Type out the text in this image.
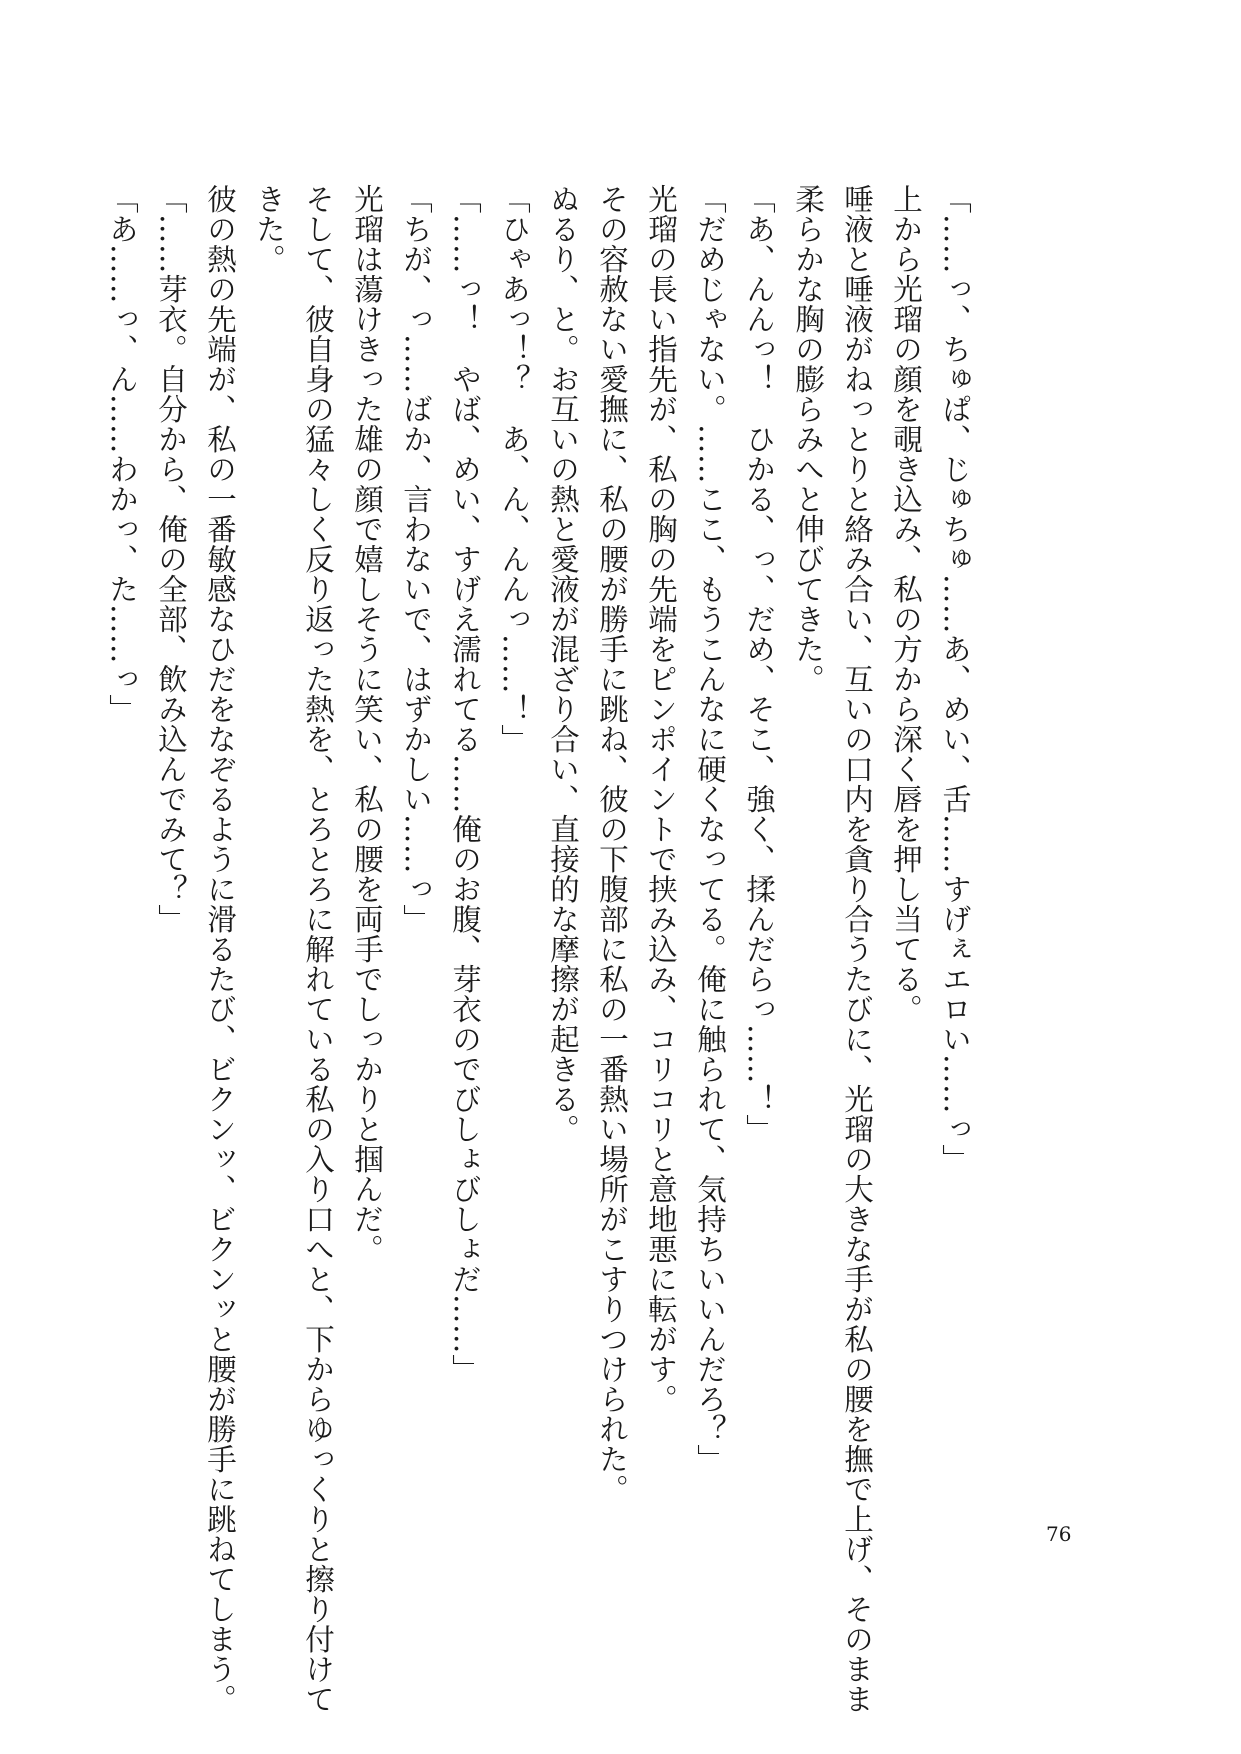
「……っ、ちゅぱ、じゅちゅ……あ、めい、舌……すげぇエロい……っ」

上から光瑠の顔を覗き込み、私の方から深く唇を押し当てる。

唾液と唾液がねっとりと絡み合い、互いの口内を貪り合うたびに、光瑠の大きな手が私の腰を撫で上げ、そのまま

柔らかな胸の膨らみへと伸びてきた。

「あ、んんっ！　ひかる、っ、だめ、そこ、強く、揉んだらっ……！」

「だめじゃない。……ここ、もうこんなに硬くなってる。俺に触られて、気持ちいいんだろ？」

光瑠の長い指先が、私の胸の先端をピンポイントで挟み込み、コリコリと意地悪に転がす。

その容赦ない愛撫に、私の腰が勝手に跳ね、彼の下腹部に私の一番熱い場所がこすりつけられた。

ぬるり、と。お互いの熱と愛液が混ざり合い、直接的な摩擦が起きる。

「ひゃあっ！？　あ、ん、んんっ……！」

「……っ！　やば、めい、すげえ濡れてる……俺のお腹、芽衣のでびしょびしょだ……」

「ちが、っ……ばか、言わないで、はずかしい……っ」

光瑠は蕩けきった雄の顔で嬉しそうに笑い、私の腰を両手でしっかりと掴んだ。

そして、彼自身の猛々しく反り返った熱を、とろとろに解れている私の入り口へと、下からゆっくりと擦り付けて

きた。

彼の熱の先端が、私の一番敏感なひだをなぞるように滑るたび、ビクンッ、ビクンッと腰が勝手に跳ねてしまう。

「……芽衣。自分から、俺の全部、飲み込んでみて？」

「あ……っ、ん……わかっ、た……っ」

76
